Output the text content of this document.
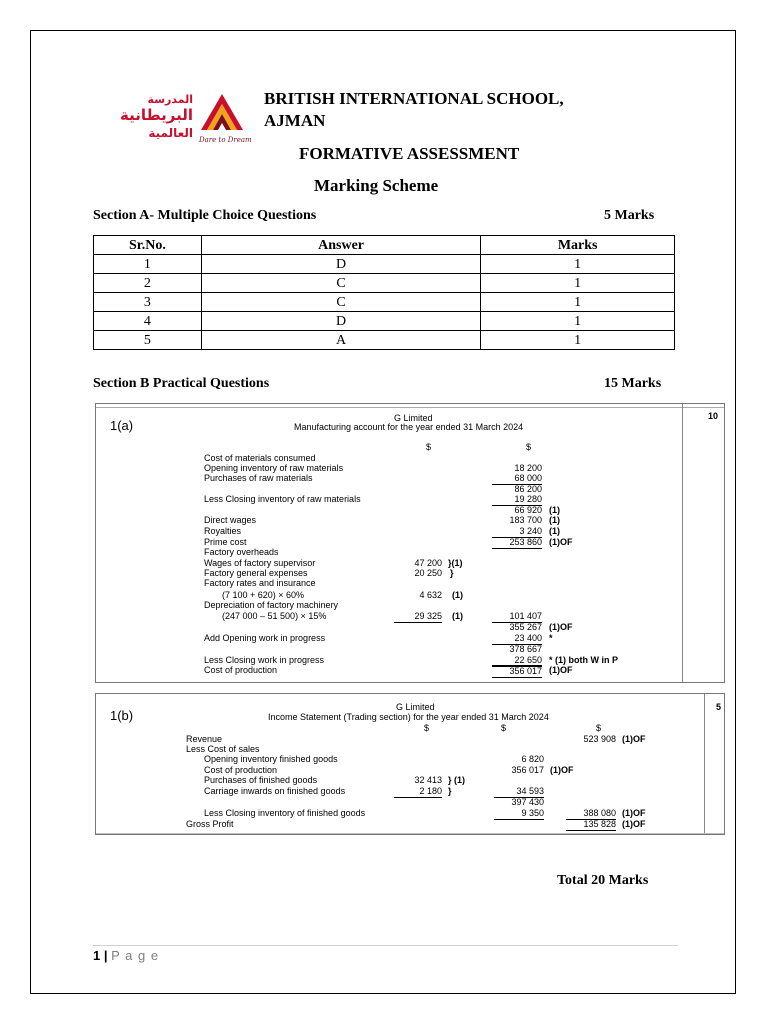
المدرسة
البريطانية
العالمية Dare to Dream
BRITISH INTERNATIONAL SCHOOL,
AJMAN
FORMATIVE ASSESSMENT
Marking Scheme
Section A- Multiple Choice Questions	5 Marks
Sr.No.	Answer	Marks
1	D	1
2	C	1
3	C	1
4	D	1
5	A	1
Section B Practical Questions	15 Marks
1(a)
10
G Limited
Manufacturing account for the year ended 31 March 2024
$	$
Cost of materials consumed
Opening inventory of raw materials	18 200
Purchases of raw materials	68 000
86 200
Less Closing inventory of raw materials	19 280
66 920 (1)
Direct wages	183 700 (1)
Royalties	3 240 (1)
Prime cost	253 860 (1)OF
Factory overheads
Wages of factory supervisor	47 200 }(1)
Factory general expenses	20 250 }
Factory rates and insurance
(7 100 + 620) × 60%	4 632 (1)
Depreciation of factory machinery
(247 000 – 51 500) × 15%	29 325 (1)	101 407
355 267 (1)OF
Add Opening work in progress	23 400 *
378 667
Less Closing work in progress	22 650 * (1) both W in P
Cost of production	356 017 (1)OF
1(b)
5
G Limited
Income Statement (Trading section) for the year ended 31 March 2024
$	$	$
Revenue	523 908 (1)OF
Less Cost of sales
Opening inventory finished goods	6 820
Cost of production	356 017 (1)OF
Purchases of finished goods	32 413 } (1)
Carriage inwards on finished goods	2 180 }	34 593
397 430
Less Closing inventory of finished goods	9 350	388 080 (1)OF
Gross Profit	135 828 (1)OF
Total 20 Marks
1 | P a g e
